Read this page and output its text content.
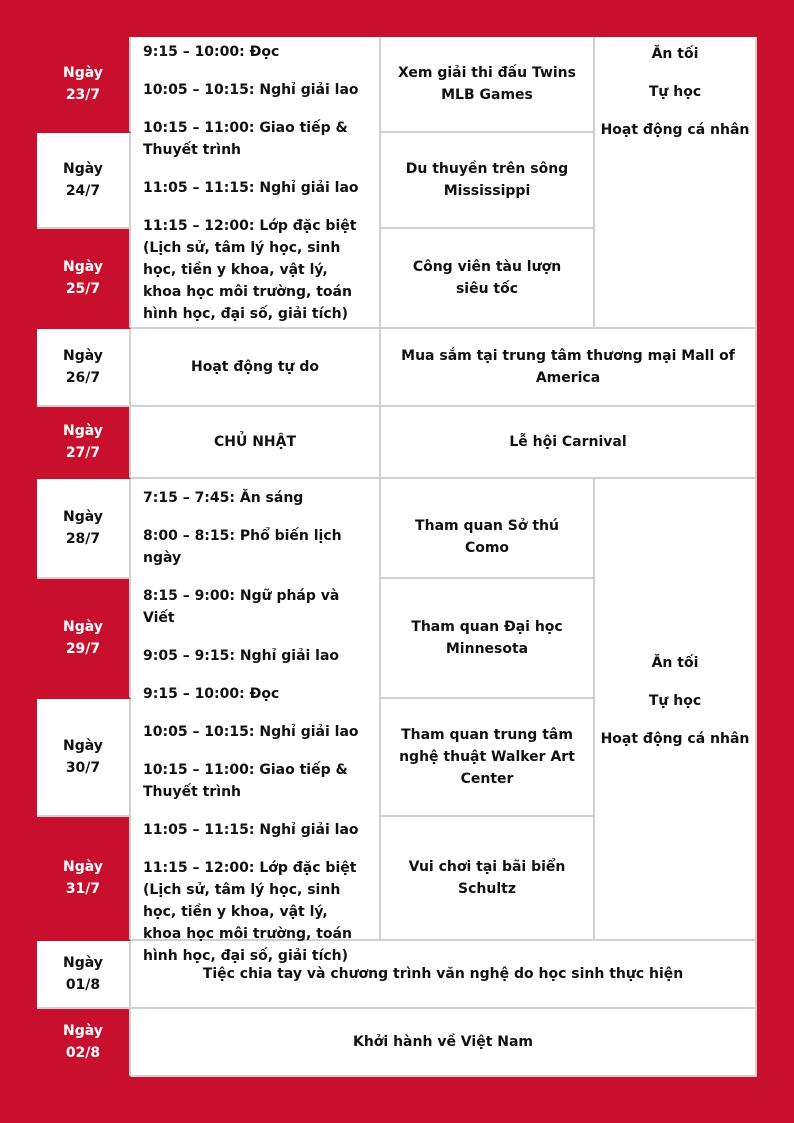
Ngày
23/7
Ngày
24/7
Ngày
25/7
Ngày
26/7
Ngày
27/7
Ngày
28/7
Ngày
29/7
Ngày
30/7
Ngày
31/7
Ngày
01/8
Ngày
02/8
9:15 – 10:00: Đọc
10:05 – 10:15: Nghỉ giải lao
10:15 – 11:00: Giao tiếp & Thuyết trình
11:05 – 11:15: Nghỉ giải lao
11:15 – 12:00: Lớp đặc biệt (Lịch sử, tâm lý học, sinh học, tiền y khoa, vật lý, khoa học môi trường, toán hình học, đại số, giải tích)
Xem giải thi đấu Twins MLB Games
Du thuyền trên sông Mississippi
Công viên tàu lượn siêu tốc
Ăn tối
Tự học
Hoạt động cá nhân
Hoạt động tự do
Mua sắm tại trung tâm thương mại Mall of America
CHỦ NHẬT	Lễ hội Carnival
7:15 – 7:45: Ăn sáng
8:00 – 8:15: Phổ biến lịch ngày
8:15 – 9:00: Ngữ pháp và Viết
9:05 – 9:15: Nghỉ giải lao
9:15 – 10:00: Đọc
10:05 – 10:15: Nghỉ giải lao
10:15 – 11:00: Giao tiếp & Thuyết trình
11:05 – 11:15: Nghỉ giải lao
11:15 – 12:00: Lớp đặc biệt (Lịch sử, tâm lý học, sinh học, tiền y khoa, vật lý, khoa học môi trường, toán hình học, đại số, giải tích)
Tham quan Sở thú Como
Tham quan Đại học Minnesota
Tham quan trung tâm nghệ thuật Walker Art Center
Vui chơi tại bãi biển Schultz
Ăn tối
Tự học
Hoạt động cá nhân
Tiệc chia tay và chương trình văn nghệ do học sinh thực hiện
Khởi hành về Việt Nam
